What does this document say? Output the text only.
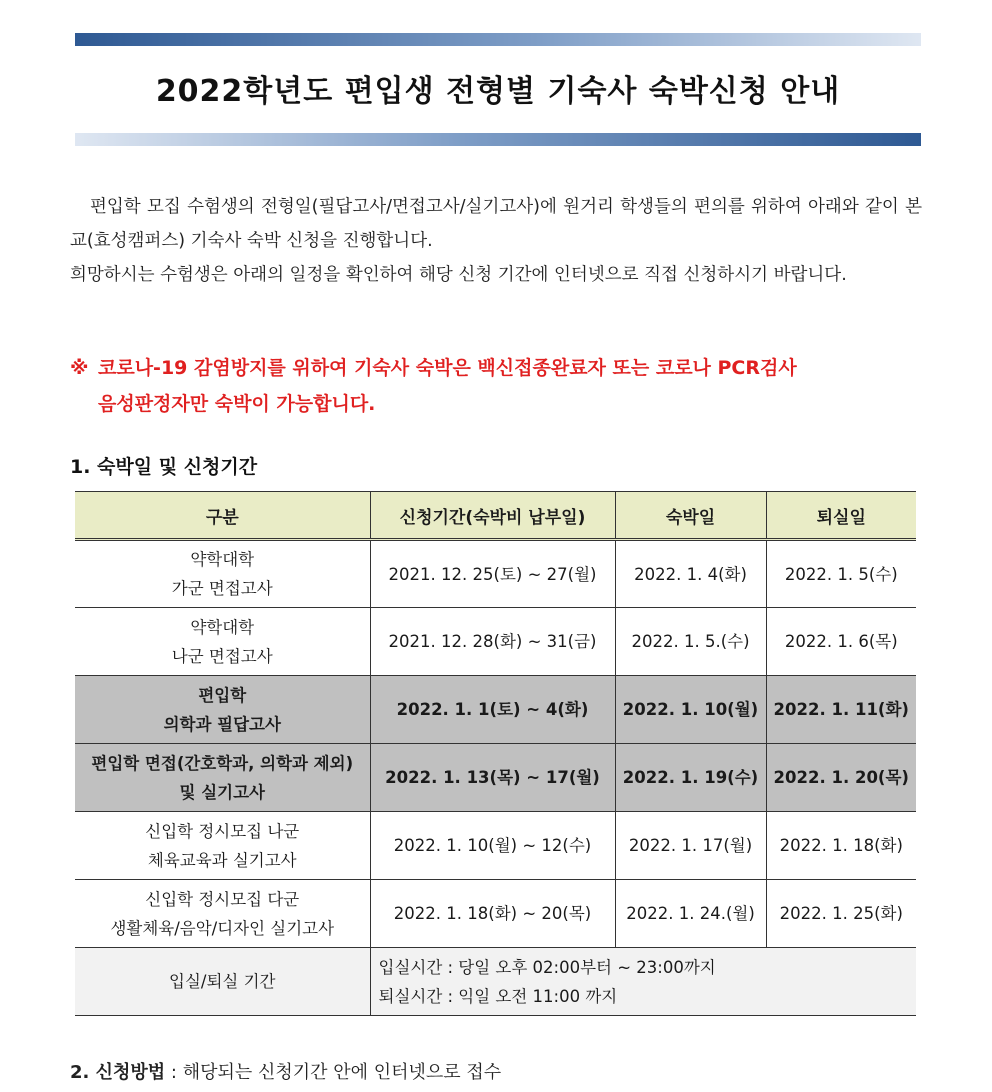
2022학년도 편입생 전형별 기숙사 숙박신청 안내

편입학 모집 수험생의 전형일(필답고사/면접고사/실기고사)에 원거리 학생들의 편의를 위하여 아래와 같이 본교(효성캠퍼스) 기숙사 숙박 신청을 진행합니다.

희망하시는 수험생은 아래의 일정을 확인하여 해당 신청 기간에 인터넷으로 직접 신청하시기 바랍니다.

※ 코로나-19 감염방지를 위하여 기숙사 숙박은 백신접종완료자 또는 코로나 PCR검사
음성판정자만 숙박이 가능합니다.
1. 숙박일 및 신청기간
구분	신청기간(숙박비 납부일)	숙박일	퇴실일

약학대학
가군 면접고사	2021. 12. 25(토) ~ 27(월)	2022. 1. 4(화)	2022. 1. 5(수)

약학대학
나군 면접고사	2021. 12. 28(화) ~ 31(금)	2022. 1. 5.(수)	2022. 1. 6(목)

편입학
의학과 필답고사	2022. 1. 1(토) ~ 4(화)	2022. 1. 10(월)	2022. 1. 11(화)

편입학 면접(간호학과, 의학과 제외)
및 실기고사	2022. 1. 13(목) ~ 17(월)	2022. 1. 19(수)	2022. 1. 20(목)

신입학 정시모집 나군
체육교육과 실기고사	2022. 1. 10(월) ~ 12(수)	2022. 1. 17(월)	2022. 1. 18(화)

신입학 정시모집 다군
생활체육/음악/디자인 실기고사	2022. 1. 18(화) ~ 20(목)	2022. 1. 24.(월)	2022. 1. 25(화)
입실/퇴실 기간	입실시간 : 당일 오후 02:00부터 ~ 23:00까지
퇴실시간 : 익일 오전 11:00 까지		
2. 신청방법 : 해당되는 신청기간 안에 인터넷으로 접수
